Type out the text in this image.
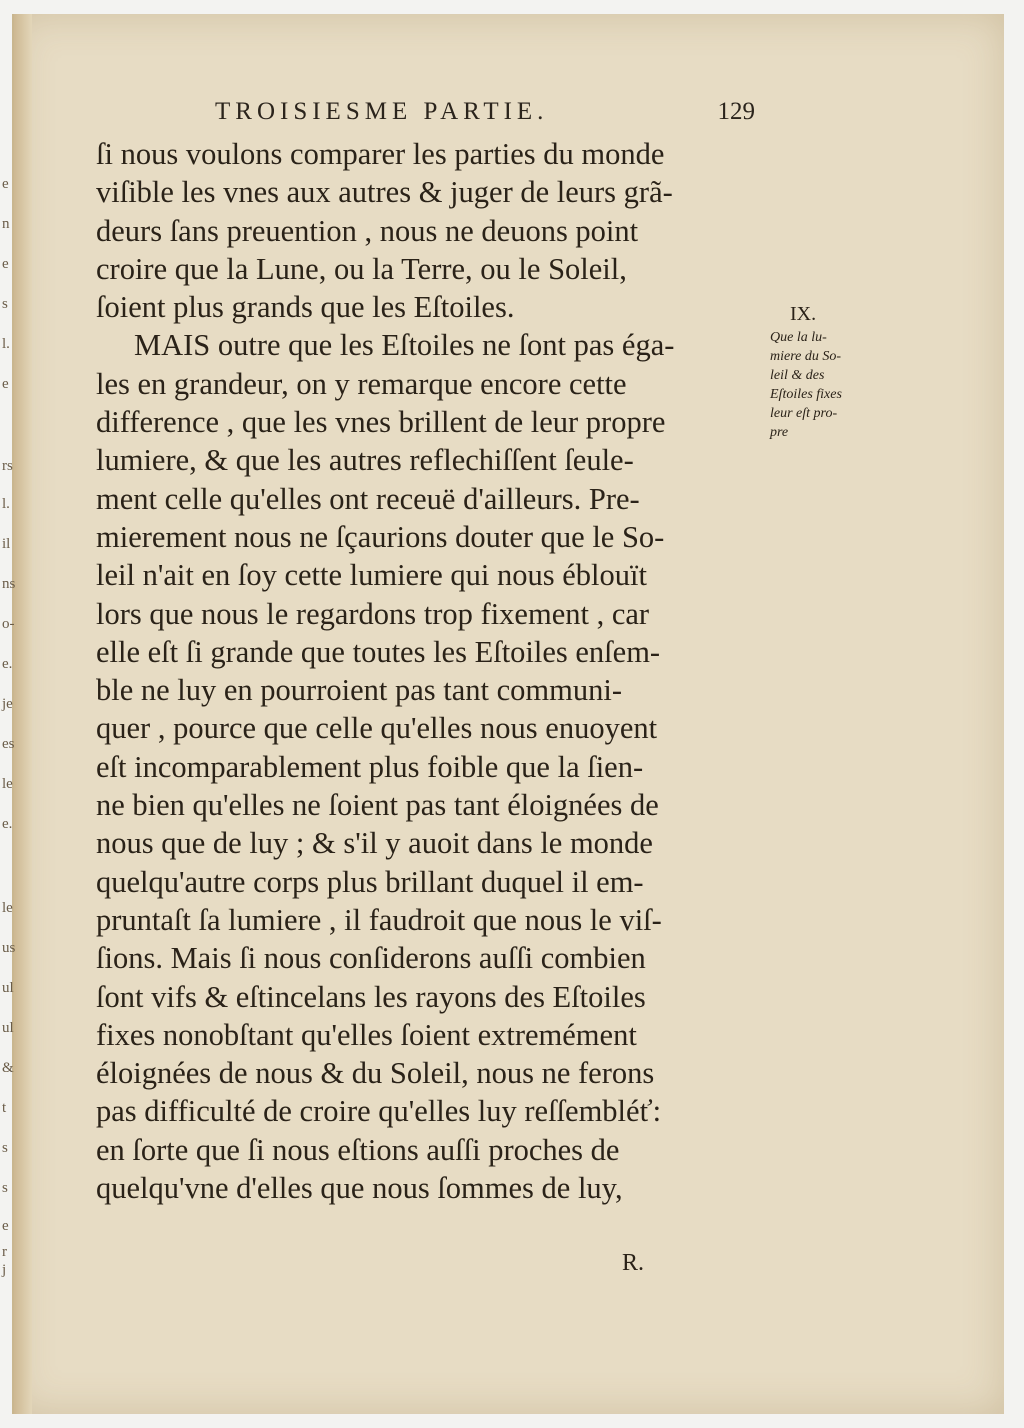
e
n
e
s
l.
e
rs
l.
il
ns
o-
e.
je
es
le
e.
le
us
ul
ul
&
t
s
s
e
r
j
TROISIESME PARTIE.	129
ſi nous voulons comparer les parties du monde
viſible les vnes aux autres & juger de leurs grã-
deurs ſans preuention , nous ne deuons point
croire que la Lune, ou la Terre, ou le Soleil,
ſoient plus grands que les Eſtoiles.
MAIS outre que les Eſtoiles ne ſont pas éga-
les en grandeur, on y remarque encore cette
difference , que les vnes brillent de leur propre
lumiere, & que les autres reflechiſſent ſeule-
ment celle qu'elles ont receuë d'ailleurs. Pre-
mierement nous ne ſçaurions douter que le So-
leil n'ait en ſoy cette lumiere qui nous éblouït
lors que nous le regardons trop fixement , car
elle eſt ſi grande que toutes les Eſtoiles enſem-
ble ne luy en pourroient pas tant communi-
quer , pource que celle qu'elles nous enuoyent
eſt incomparablement plus foible que la ſien-
ne bien qu'elles ne ſoient pas tant éloignées de
nous que de luy ; & s'il y auoit dans le monde
quelqu'autre corps plus brillant duquel il em-
pruntaſt ſa lumiere , il faudroit que nous le viſ-
ſions. Mais ſi nous conſiderons auſſi combien
ſont vifs & eſtincelans les rayons des Eſtoiles
fixes nonobſtant qu'elles ſoient extremément
éloignées de nous & du Soleil, nous ne ferons
pas difficulté de croire qu'elles luy reſſembléť:
en ſorte que ſi nous eſtions auſſi proches de
quelqu'vne d'elles que nous ſommes de luy,
IX.
Que la lu-
miere du So-
leil & des
Eſtoiles fixes
leur eſt pro-
pre
R.
